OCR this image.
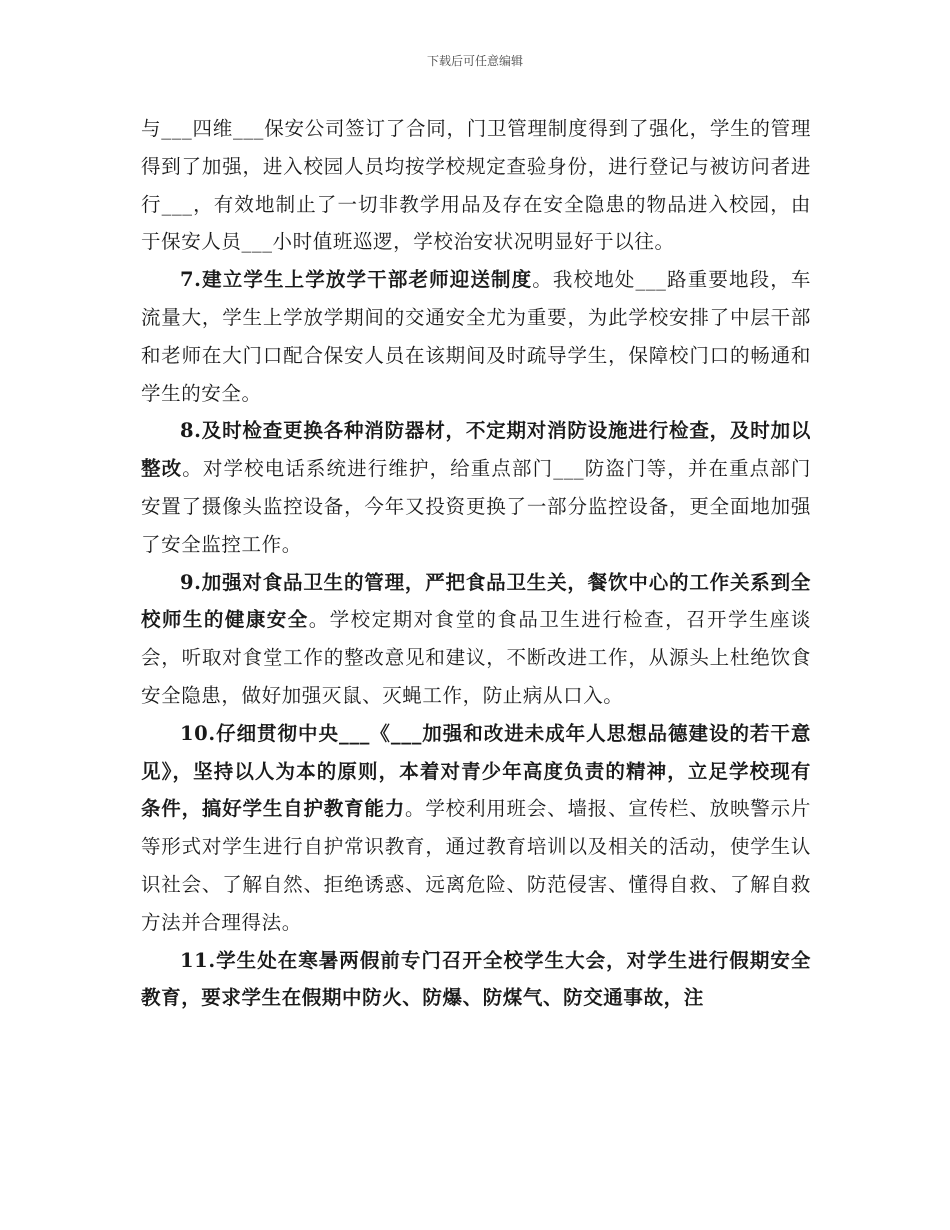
下载后可任意编辑

与___四维___保安公司签订了合同，门卫管理制度得到了强化，学生的管理得到了加强，进入校园人员均按学校规定查验身份，进行登记与被访问者进行___，有效地制止了一切非教学用品及存在安全隐患的物品进入校园，由于保安人员___小时值班巡逻，学校治安状况明显好于以往。

7.建立学生上学放学干部老师迎送制度。我校地处___路重要地段，车流量大，学生上学放学期间的交通安全尤为重要，为此学校安排了中层干部和老师在大门口配合保安人员在该期间及时疏导学生，保障校门口的畅通和学生的安全。

8.及时检查更换各种消防器材，不定期对消防设施进行检查，及时加以整改。对学校电话系统进行维护，给重点部门___防盗门等，并在重点部门安置了摄像头监控设备，今年又投资更换了一部分监控设备，更全面地加强了安全监控工作。

9.加强对食品卫生的管理，严把食品卫生关，餐饮中心的工作关系到全校师生的健康安全。学校定期对食堂的食品卫生进行检查，召开学生座谈会，听取对食堂工作的整改意见和建议，不断改进工作，从源头上杜绝饮食安全隐患，做好加强灭鼠、灭蝇工作，防止病从口入。

10.仔细贯彻中央___《___加强和改进未成年人思想品德建设的若干意见》，坚持以人为本的原则，本着对青少年高度负责的精神，立足学校现有条件，搞好学生自护教育能力。学校利用班会、墙报、宣传栏、放映警示片等形式对学生进行自护常识教育，通过教育培训以及相关的活动，使学生认识社会、了解自然、拒绝诱惑、远离危险、防范侵害、懂得自救、了解自救方法并合理得法。

11.学生处在寒暑两假前专门召开全校学生大会，对学生进行假期安全教育，要求学生在假期中防火、防爆、防煤气、防交通事故，注
